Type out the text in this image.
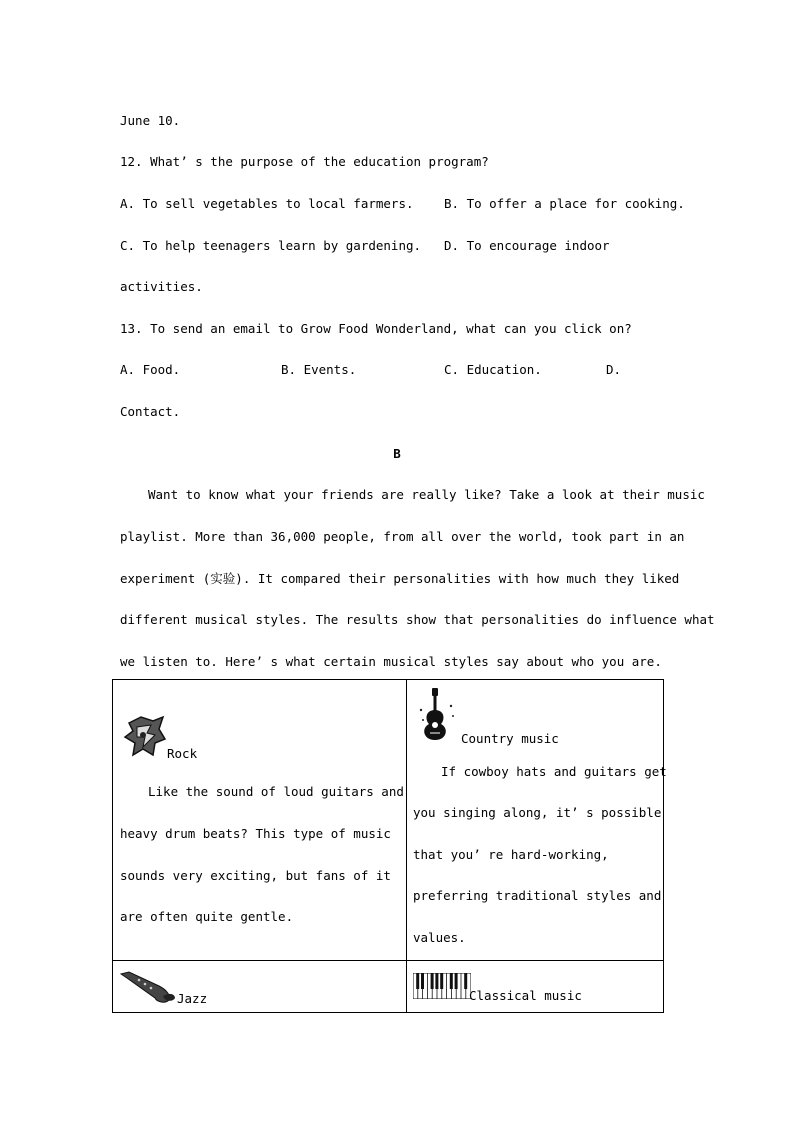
June 10.
12. What’ s the purpose of the education program?
A. To sell vegetables to local farmers. B. To offer a place for cooking.
C. To help teenagers learn by gardening. D. To encourage indoor
activities.
13. To send an email to Grow Food Wonderland, what can you click on?
A. Food.	B. Events.	C. Education.	D.
Contact.
B
Want to know what your friends are really like? Take a look at their music
playlist. More than 36,000 people, from all over the world, took part in an
experiment (实验). It compared their personalities with how much they liked
different musical styles. The results show that personalities do influence what
we listen to. Here’ s what certain musical styles say about who you are.
Rock
Like the sound of loud guitars and
heavy drum beats? This type of music
sounds very exciting, but fans of it
are often quite gentle.
Country music
If cowboy hats and guitars get
you singing along, it’ s possible
that you’ re hard-working,
preferring traditional styles and
values.
Jazz	Classical music
